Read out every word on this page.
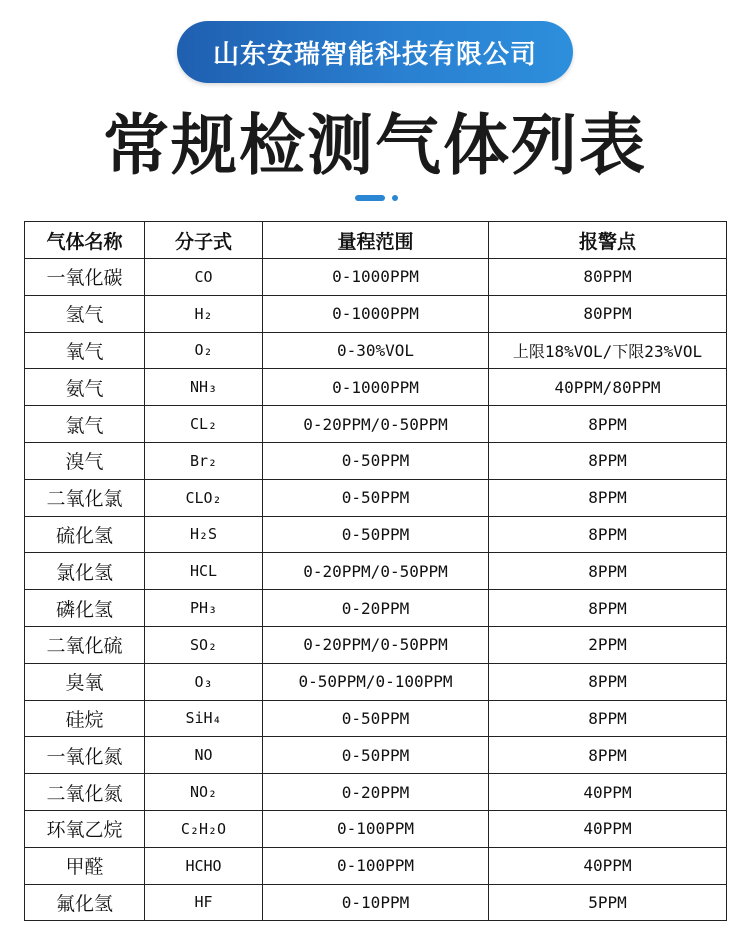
山东安瑞智能科技有限公司
常规检测气体列表
气体名称	分子式	量程范围	报警点
一氧化碳	CO	0-1000PPM	80PPM
氢气	H₂	0-1000PPM	80PPM
氧气	O₂	0-30%VOL	上限18%VOL/下限23%VOL
氨气	NH₃	0-1000PPM	40PPM/80PPM
氯气	CL₂	0-20PPM/0-50PPM	8PPM
溴气	Br₂	0-50PPM	8PPM
二氧化氯	CLO₂	0-50PPM	8PPM
硫化氢	H₂S	0-50PPM	8PPM
氯化氢	HCL	0-20PPM/0-50PPM	8PPM
磷化氢	PH₃	0-20PPM	8PPM
二氧化硫	SO₂	0-20PPM/0-50PPM	2PPM
臭氧	O₃	0-50PPM/0-100PPM	8PPM
硅烷	SiH₄	0-50PPM	8PPM
一氧化氮	NO	0-50PPM	8PPM
二氧化氮	NO₂	0-20PPM	40PPM
环氧乙烷	C₂H₂O	0-100PPM	40PPM
甲醛	HCHO	0-100PPM	40PPM
氟化氢	HF	0-10PPM	5PPM
